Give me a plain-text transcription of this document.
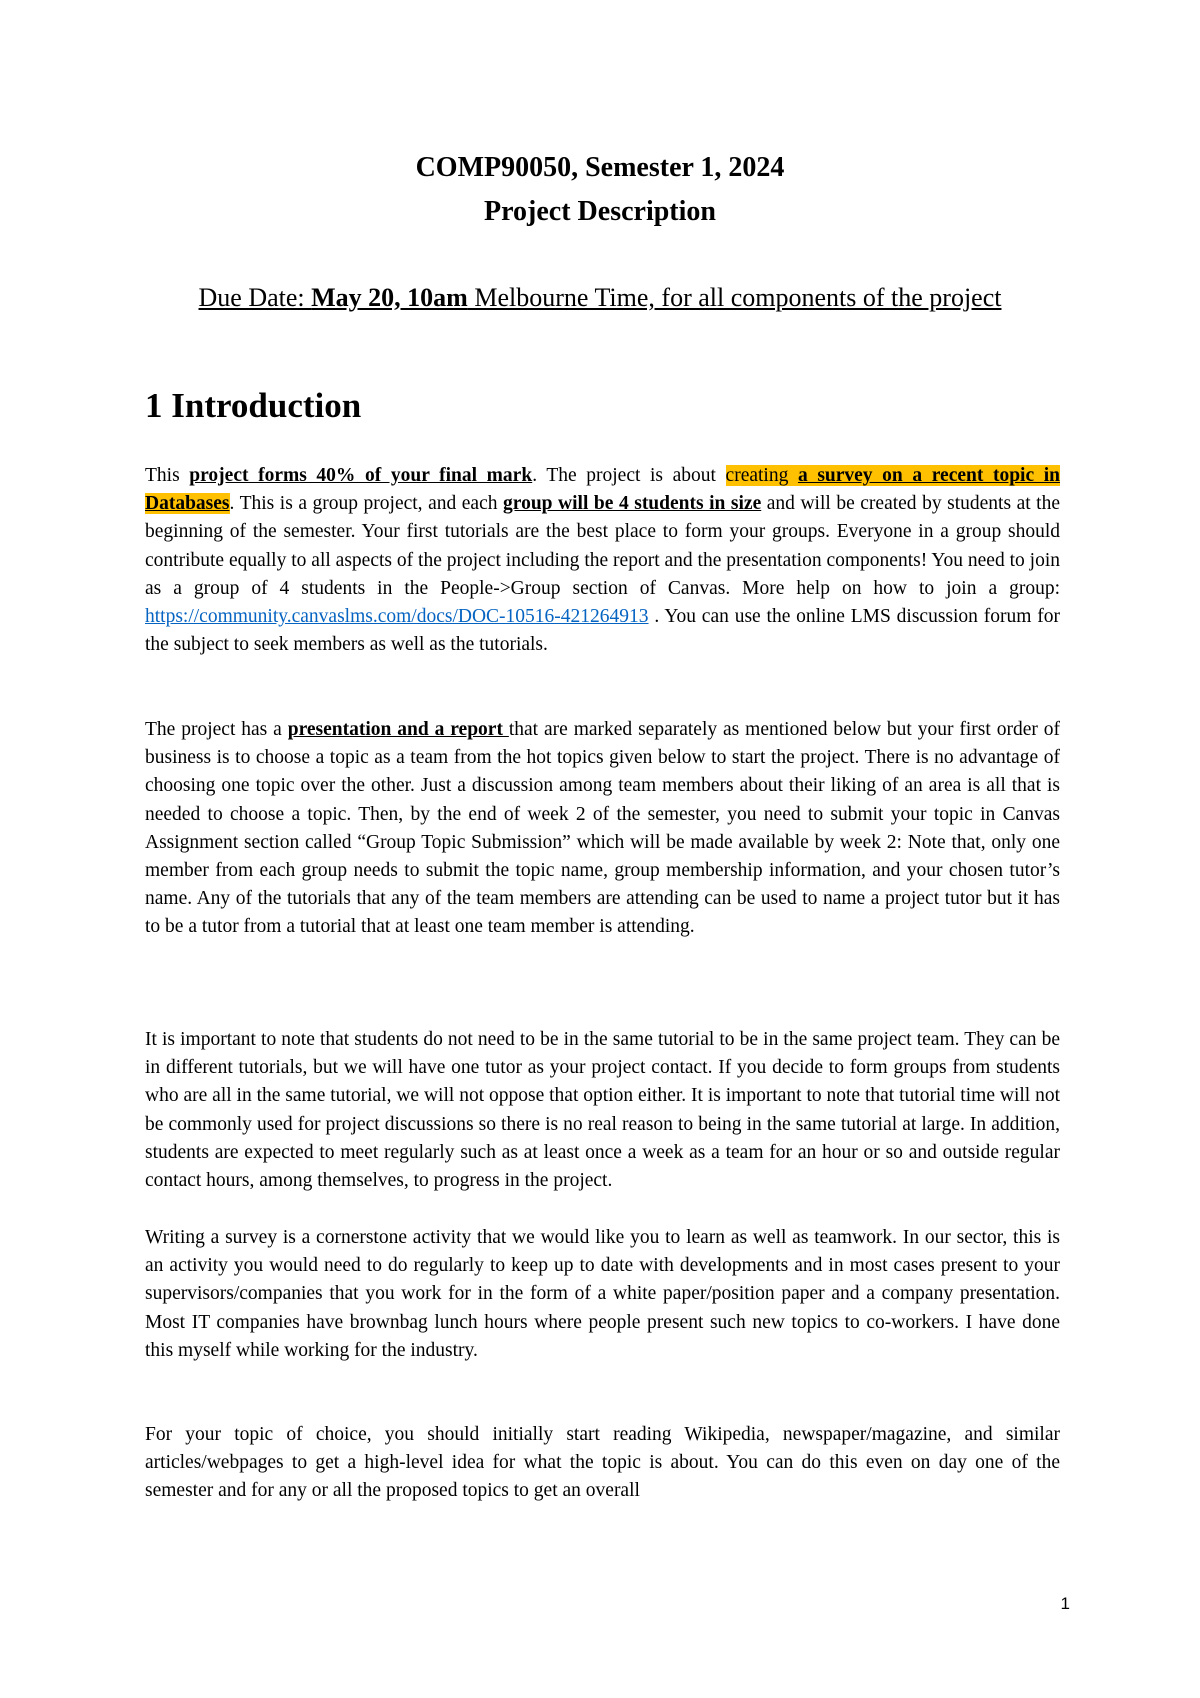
COMP90050, Semester 1, 2024
Project Description
Due Date: May 20, 10am Melbourne Time, for all components of the project
1 Introduction

This project forms 40% of your final mark. The project is about creating a survey on a recent topic in Databases. This is a group project, and each group will be 4 students in size and will be created by students at the beginning of the semester. Your first tutorials are the best place to form your groups. Everyone in a group should contribute equally to all aspects of the project including the report and the presentation components! You need to join as a group of 4 students in the People->Group section of Canvas. More help on how to join a group: https://community.canvaslms.com/docs/DOC-10516-421264913 . You can use the online LMS discussion forum for the subject to seek members as well as the tutorials.

The project has a presentation and a report that are marked separately as mentioned below but your first order of business is to choose a topic as a team from the hot topics given below to start the project. There is no advantage of choosing one topic over the other. Just a discussion among team members about their liking of an area is all that is needed to choose a topic. Then, by the end of week 2 of the semester, you need to submit your topic in Canvas Assignment section called “Group Topic Submission” which will be made available by week 2: Note that, only one member from each group needs to submit the topic name, group membership information, and your chosen tutor’s name. Any of the tutorials that any of the team members are attending can be used to name a project tutor but it has to be a tutor from a tutorial that at least one team member is attending.

It is important to note that students do not need to be in the same tutorial to be in the same project team. They can be in different tutorials, but we will have one tutor as your project contact. If you decide to form groups from students who are all in the same tutorial, we will not oppose that option either. It is important to note that tutorial time will not be commonly used for project discussions so there is no real reason to being in the same tutorial at large. In addition, students are expected to meet regularly such as at least once a week as a team for an hour or so and outside regular contact hours, among themselves, to progress in the project.

Writing a survey is a cornerstone activity that we would like you to learn as well as teamwork. In our sector, this is an activity you would need to do regularly to keep up to date with developments and in most cases present to your supervisors/companies that you work for in the form of a white paper/position paper and a company presentation. Most IT companies have brownbag lunch hours where people present such new topics to co-workers. I have done this myself while working for the industry.

For your topic of choice, you should initially start reading Wikipedia, newspaper/magazine, and similar articles/webpages to get a high-level idea for what the topic is about. You can do this even on day one of the semester and for any or all the proposed topics to get an overall

1
